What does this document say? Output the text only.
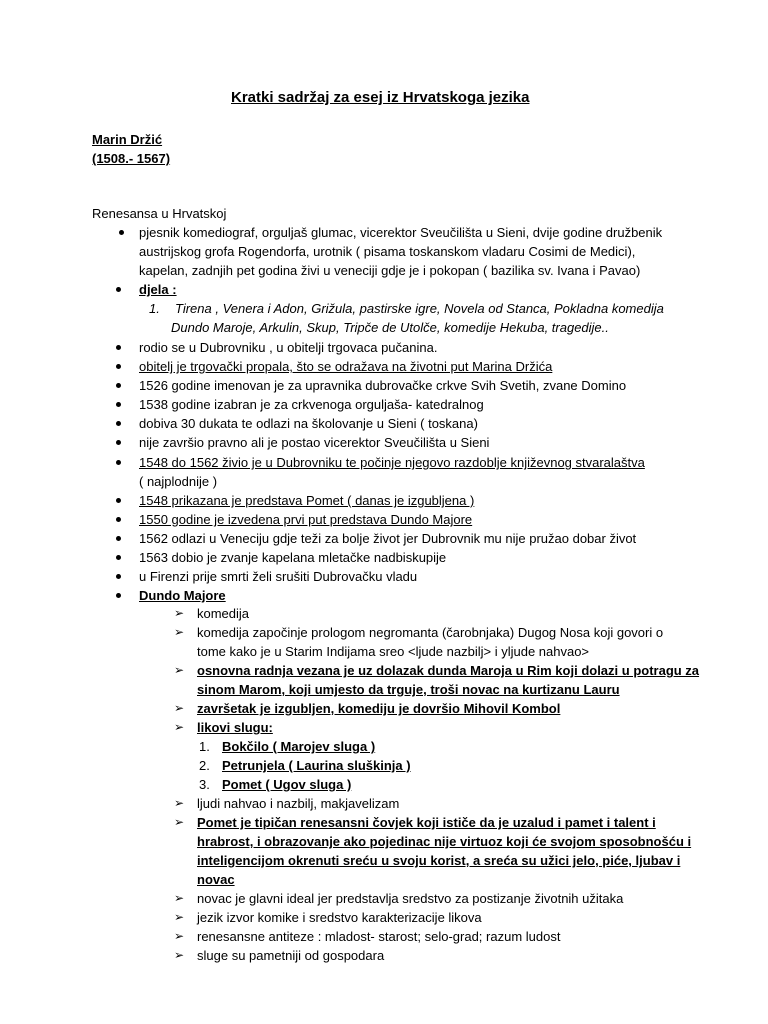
Kratki sadržaj za esej iz Hrvatskoga jezika
Marin Držić
(1508.- 1567)
Renesansa u Hrvatskoj
pjesnik komediograf, orguljaš glumac, vicerektor Sveučilišta u Sieni, dvije godine družbenik
austrijskog grofa Rogendorfa, urotnik ( pisama toskanskom vladaru Cosimi de Medici),
kapelan, zadnjih pet godina živi u veneciji gdje je i pokopan ( bazilika sv. Ivana i Pavao)
djela :
1. Tirena , Venera i Adon, Grižula, pastirske igre, Novela od Stanca, Pokladna komedija
Dundo Maroje, Arkulin, Skup, Tripče de Utolče, komedije Hekuba, tragedije..
rodio se u Dubrovniku , u obitelji trgovaca pučanina.
obitelj je trgovački propala, što se odražava na životni put Marina Držića
1526 godine imenovan je za upravnika dubrovačke crkve Svih Svetih, zvane Domino
1538 godine izabran je za crkvenoga orguljaša- katedralnog
dobiva 30 dukata te odlazi na školovanje u Sieni ( toskana)
nije završio pravno ali je postao vicerektor Sveučilišta u Sieni
1548 do 1562 živio je u Dubrovniku te počinje njegovo razdoblje književnog stvaralaštva
( najplodnije )
1548 prikazana je predstava Pomet ( danas je izgubljena )
1550 godine je izvedena prvi put predstava Dundo Majore
1562 odlazi u Veneciju gdje teži za bolje život jer Dubrovnik mu nije pružao dobar život
1563 dobio je zvanje kapelana mletačke nadbiskupije
u Firenzi prije smrti želi srušiti Dubrovačku vladu
Dundo Majore
➢ komedija
➢ komedija započinje prologom negromanta (čarobnjaka) Dugog Nosa koji govori o
tome kako je u Starim Indijama sreo <ljude nazbilj> i yljude nahvao>
➢ osnovna radnja vezana je uz dolazak dunda Maroja u Rim koji dolazi u potragu za
sinom Marom, koji umjesto da trguje, troši novac na kurtizanu Lauru
➢ završetak je izgubljen, komediju je dovršio Mihovil Kombol
➢ likovi slugu:
1. Bokčilo ( Marojev sluga )
2. Petrunjela ( Laurina sluškinja )
3. Pomet ( Ugov sluga )
➢ ljudi nahvao i nazbilj, makjavelizam
➢ Pomet je tipičan renesansni čovjek koji ističe da je uzalud i pamet i talent i
hrabrost, i obrazovanje ako pojedinac nije virtuoz koji će svojom sposobnošću i
inteligencijom okrenuti sreću u svoju korist, a sreća su užici jelo, piće, ljubav i
novac
➢ novac je glavni ideal jer predstavlja sredstvo za postizanje životnih užitaka
➢ jezik izvor komike i sredstvo karakterizacije likova
➢ renesansne antiteze : mladost- starost; selo-grad; razum ludost
➢ sluge su pametniji od gospodara
